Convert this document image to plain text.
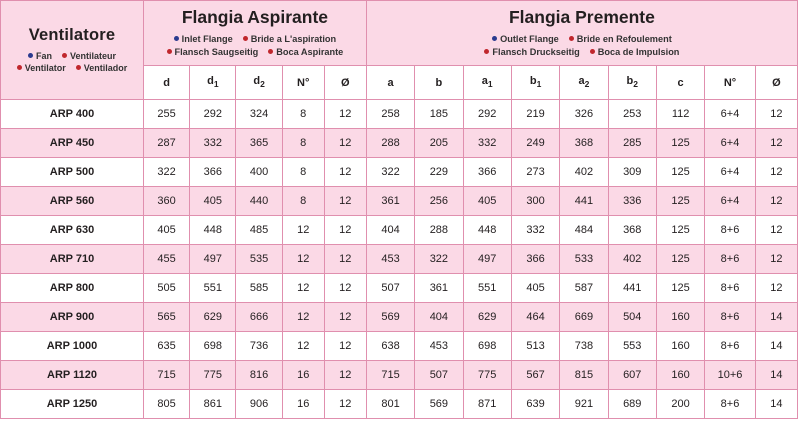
Ventilatore
Fan Ventilateur
Ventilator Ventilador

Flangia Aspirante
Inlet Flange Bride a L'aspiration
Flansch Saugseitig Boca Aspirante

Flangia Premente
Outlet Flange Bride en Refoulement
Flansch Druckseitig Boca de Impulsion

	d	$d_1$	$d_2$	N°	Ø	a	b	$a_1$	$b_1$	$a_2$	$b_2$	c	N°	Ø
ARP 400	255	292	324	8	12	258	185	292	219	326	253	112	6+4	12
ARP 450	287	332	365	8	12	288	205	332	249	368	285	125	6+4	12
ARP 500	322	366	400	8	12	322	229	366	273	402	309	125	6+4	12
ARP 560	360	405	440	8	12	361	256	405	300	441	336	125	6+4	12
ARP 630	405	448	485	12	12	404	288	448	332	484	368	125	8+6	12
ARP 710	455	497	535	12	12	453	322	497	366	533	402	125	8+6	12
ARP 800	505	551	585	12	12	507	361	551	405	587	441	125	8+6	12
ARP 900	565	629	666	12	12	569	404	629	464	669	504	160	8+6	14
ARP 1000	635	698	736	12	12	638	453	698	513	738	553	160	8+6	14
ARP 1120	715	775	816	16	12	715	507	775	567	815	607	160	10+6	14
ARP 1250	805	861	906	16	12	801	569	871	639	921	689	200	8+6	14
